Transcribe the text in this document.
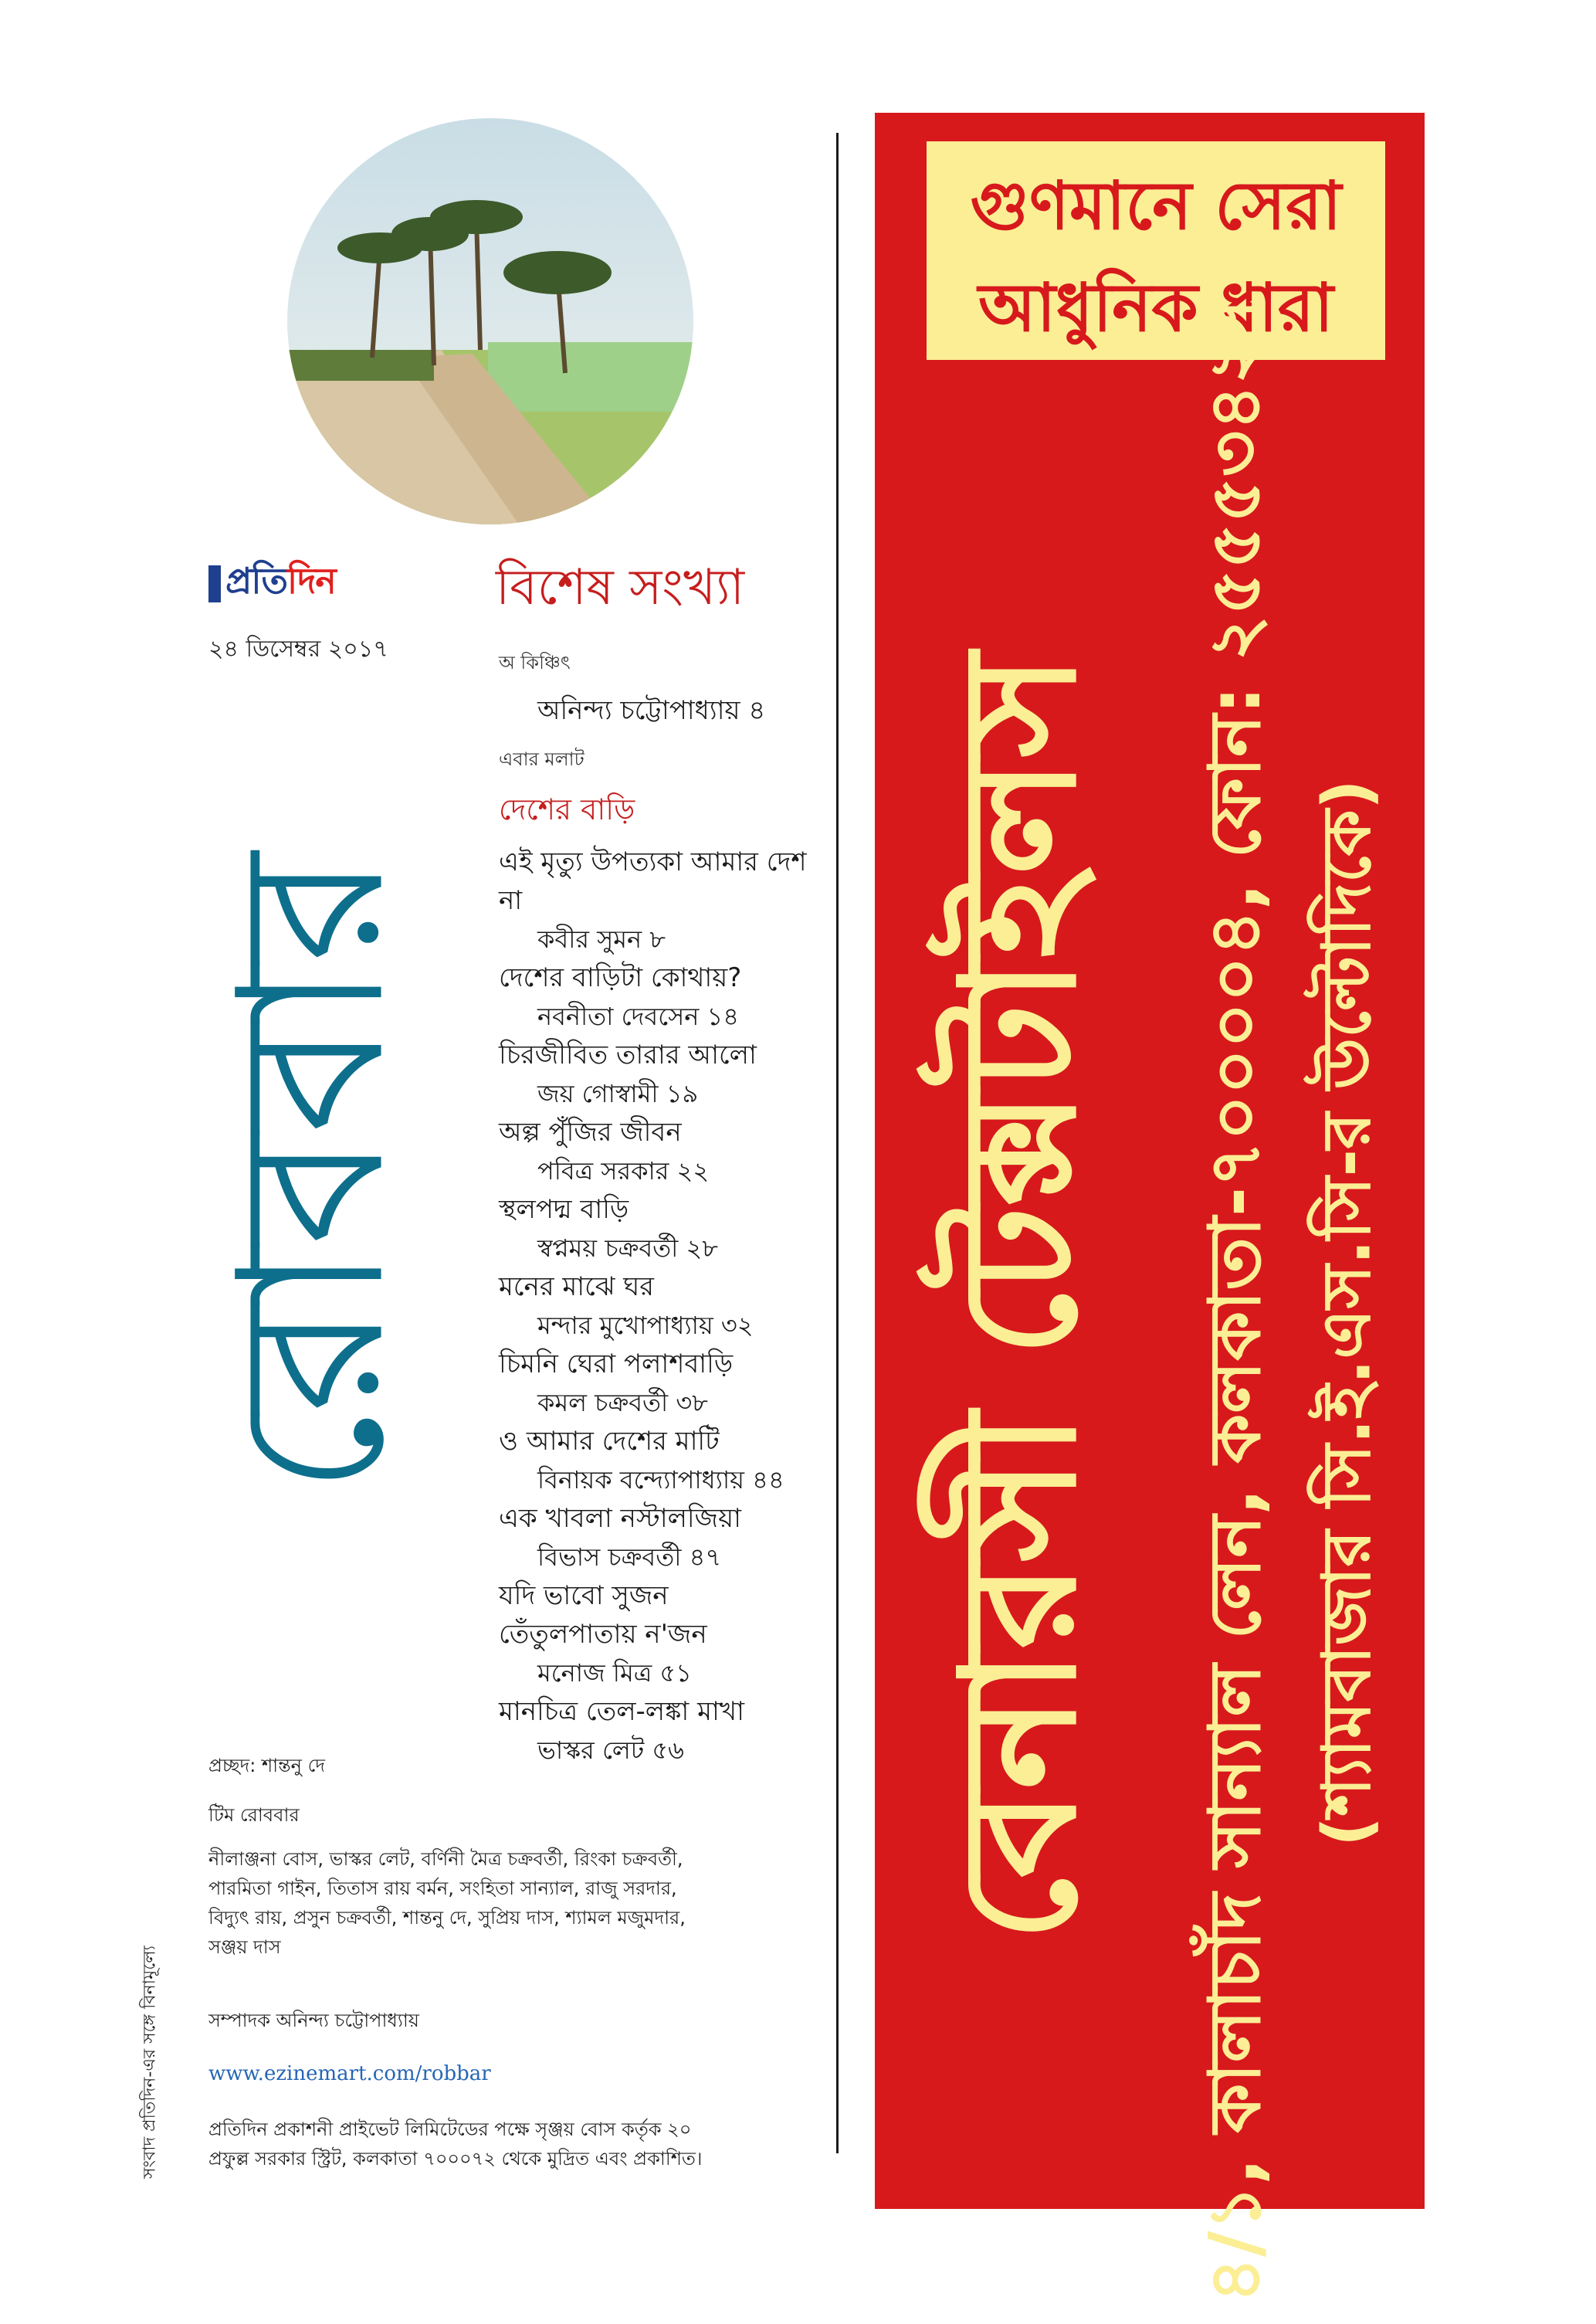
প্রতি দিন	বিশেষ সংখ্যা
২৪ ডিসেম্বর ২০১৭
রোববার

অ কিঞ্চিৎ

অনিন্দ্য চট্টোপাধ্যায় ৪

এবার মলাট

দেশের বাড়ি

এই মৃত্যু উপত্যকা আমার দেশ না

কবীর সুমন ৮

দেশের বাড়িটা কোথায়?

নবনীতা দেবসেন ১৪

চিরজীবিত তারার আলো

জয় গোস্বামী ১৯

অল্প পুঁজির জীবন

পবিত্র সরকার ২২

স্থলপদ্ম বাড়ি

স্বপ্নময় চক্রবর্তী ২৮

মনের মাঝে ঘর

মন্দার মুখোপাধ্যায় ৩২

চিমনি ঘেরা পলাশবাড়ি

কমল চক্রবর্তী ৩৮

ও আমার দেশের মাটি

বিনায়ক বন্দ্যোপাধ্যায় ৪৪

এক খাবলা নস্টালজিয়া

বিভাস চক্রবর্তী ৪৭

যদি ভাবো সুজন

তেঁতুলপাতায় ন'জন

মনোজ মিত্র ৫১

মানচিত্র তেল-লঙ্কা মাখা

ভাস্কর লেট ৫৬

প্রচ্ছদ: শান্তনু দে
টিম রোববার

নীলাঞ্জনা বোস, ভাস্কর লেট, বর্ণিনী মৈত্র চক্রবর্তী, রিংকা চক্রবর্তী,

পারমিতা গাইন, তিতাস রায় বর্মন, সংহিতা সান্যাল, রাজু সরদার,

বিদ্যুৎ রায়, প্রসুন চক্রবর্তী, শান্তনু দে, সুপ্রিয় দাস, শ্যামল মজুমদার,

সঞ্জয় দাস

সম্পাদক অনিন্দ্য চট্টোপাধ্যায়
www.ezinemart.com/robbar

প্রতিদিন প্রকাশনী প্রাইভেট লিমিটেডের পক্ষে সৃঞ্জয় বোস কর্তৃক ২০

প্রফুল্ল সরকার স্ট্রিট, কলকাতা ৭০০০৭২ থেকে মুদ্রিত এবং প্রকাশিত।

সংবাদ প্রতিদিন-এর সঙ্গে বিনামূল্যে
গুণমানে সেরা
আধুনিক ধারা
বেনারসী টেক্সটাইলস	৪/১, কালাচাঁদ সান্যাল লেন, কলকাতা-৭০০০০৪, ফোন: ২৫৫৫৩৪২৭ (শ্যামবাজার সি.ই.এস.সি-র উল্টোদিকে)
